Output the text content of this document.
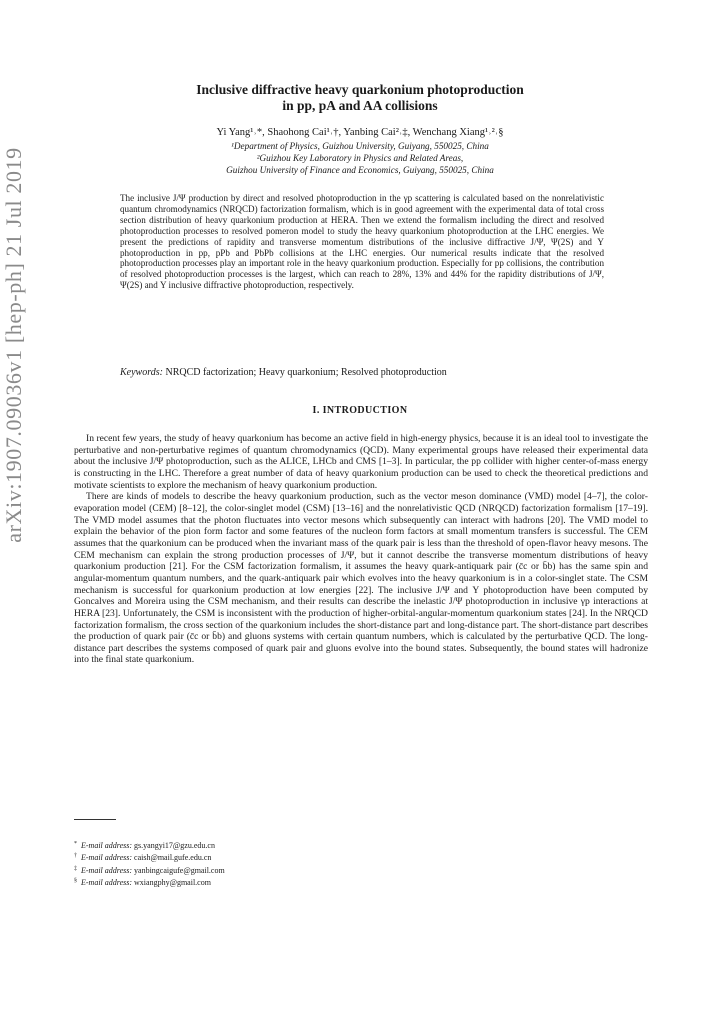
arXiv:1907.09036v1 [hep-ph] 21 Jul 2019
Inclusive diffractive heavy quarkonium photoproduction
in pp, pA and AA collisions
Yi Yang¹˒*, Shaohong Cai¹˒†, Yanbing Cai²˒‡, Wenchang Xiang¹˒²˒§
¹Department of Physics, Guizhou University, Guiyang, 550025, China
²Guizhou Key Laboratory in Physics and Related Areas,
Guizhou University of Finance and Economics, Guiyang, 550025, China
The inclusive J/Ψ production by direct and resolved photoproduction in the γp scattering is calculated based on the nonrelativistic quantum chromodynamics (NRQCD) factorization formalism, which is in good agreement with the experimental data of total cross section distribution of heavy quarkonium production at HERA. Then we extend the formalism including the direct and resolved photoproduction processes to resolved pomeron model to study the heavy quarkonium photoproduction at the LHC energies. We present the predictions of rapidity and transverse momentum distributions of the inclusive diffractive J/Ψ, Ψ(2S) and Υ photoproduction in pp, pPb and PbPb collisions at the LHC energies. Our numerical results indicate that the resolved photoproduction processes play an important role in the heavy quarkonium production. Especially for pp collisions, the contribution of resolved photoproduction processes is the largest, which can reach to 28%, 13% and 44% for the rapidity distributions of J/Ψ, Ψ(2S) and Υ inclusive diffractive photoproduction, respectively.
Keywords: NRQCD factorization; Heavy quarkonium; Resolved photoproduction
I. INTRODUCTION

In recent few years, the study of heavy quarkonium has become an active field in high-energy physics, because it is an ideal tool to investigate the perturbative and non-perturbative regimes of quantum chromodynamics (QCD). Many experimental groups have released their experimental data about the inclusive J/Ψ photoproduction, such as the ALICE, LHCb and CMS [1–3]. In particular, the pp collider with higher center-of-mass energy is constructing in the LHC. Therefore a great number of data of heavy quarkonium production can be used to check the theoretical predictions and motivate scientists to explore the mechanism of heavy quarkonium production.

There are kinds of models to describe the heavy quarkonium production, such as the vector meson dominance (VMD) model [4–7], the color-evaporation model (CEM) [8–12], the color-singlet model (CSM) [13–16] and the nonrelativistic QCD (NRQCD) factorization formalism [17–19]. The VMD model assumes that the photon fluctuates into vector mesons which subsequently can interact with hadrons [20]. The VMD model to explain the behavior of the pion form factor and some features of the nucleon form factors at small momentum transfers is successful. The CEM assumes that the quarkonium can be produced when the invariant mass of the quark pair is less than the threshold of open-flavor heavy mesons. The CEM mechanism can explain the strong production processes of J/Ψ, but it cannot describe the transverse momentum distributions of heavy quarkonium production [21]. For the CSM factorization formalism, it assumes the heavy quark-antiquark pair (c̄c or b̄b) has the same spin and angular-momentum quantum numbers, and the quark-antiquark pair which evolves into the heavy quarkonium is in a color-singlet state. The CSM mechanism is successful for quarkonium production at low energies [22]. The inclusive J/Ψ and Υ photoproduction have been computed by Goncalves and Moreira using the CSM mechanism, and their results can describe the inelastic J/Ψ photoproduction in inclusive γp interactions at HERA [23]. Unfortunately, the CSM is inconsistent with the production of higher-orbital-angular-momentum quarkonium states [24]. In the NRQCD factorization formalism, the cross section of the quarkonium includes the short-distance part and long-distance part. The short-distance part describes the production of quark pair (c̄c or b̄b) and gluons systems with certain quantum numbers, which is calculated by the perturbative QCD. The long-distance part describes the systems composed of quark pair and gluons evolve into the bound states. Subsequently, the bound states will hadronize into the final state quarkonium.

* E-mail address: gs.yangyi17@gzu.edu.cn
† E-mail address: caish@mail.gufe.edu.cn
‡ E-mail address: yanbingcaigufe@gmail.com
§ E-mail address: wxiangphy@gmail.com
